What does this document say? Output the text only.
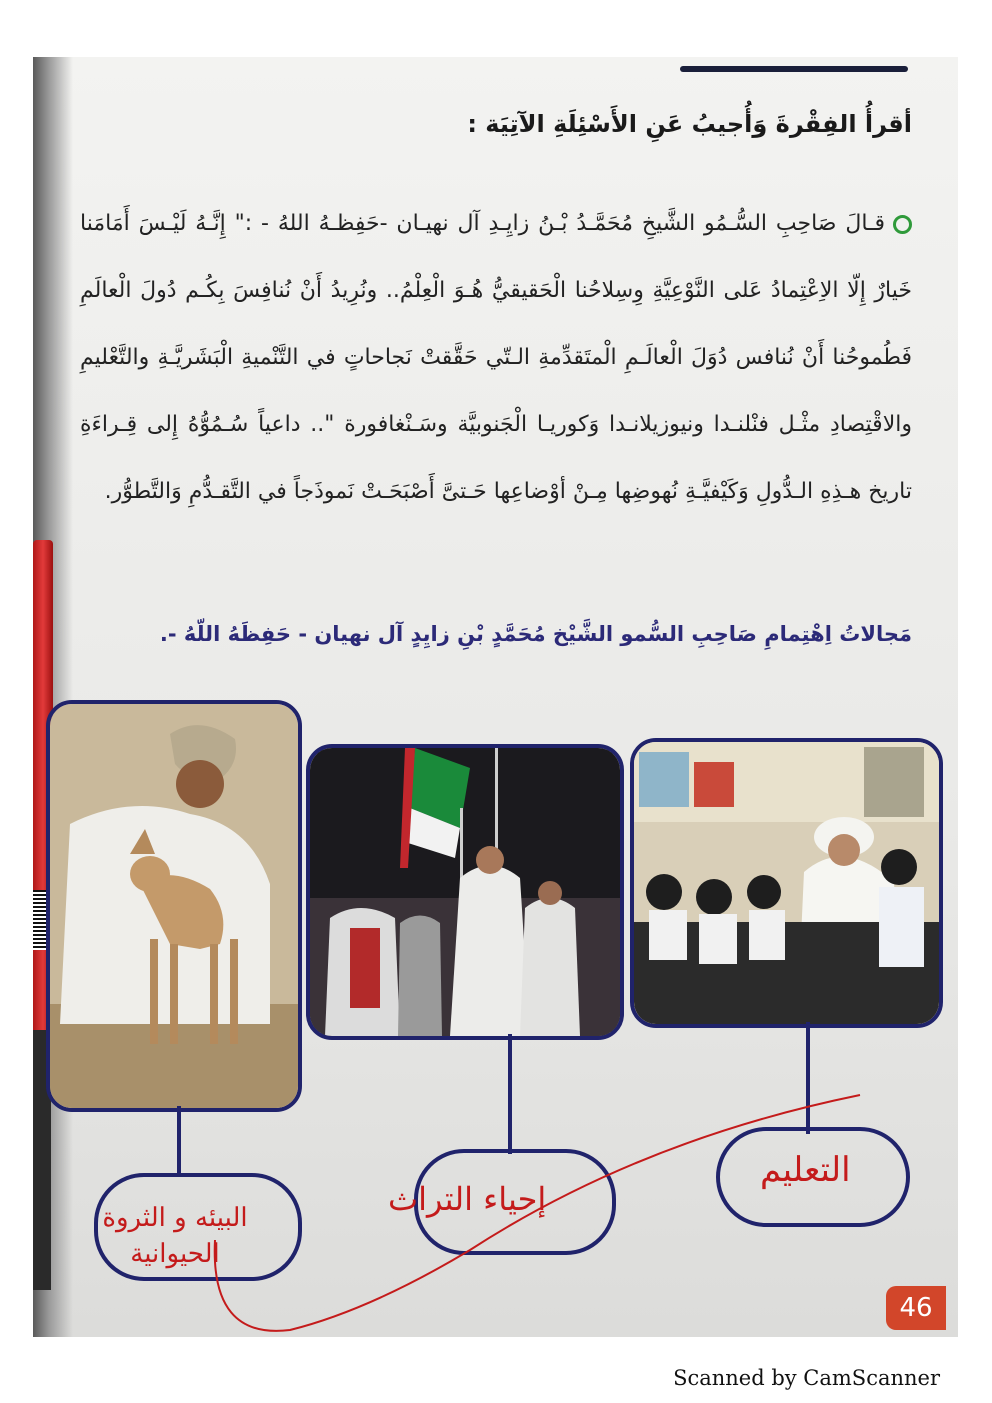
أقرأُ الفِقْرةَ وَأُجيبُ عَنِ الأَسْئِلَةِ الآتِيَة :
قـالَ صَاحِبِ السُّـمُو الشَّيخِ مُحَمَّـدُ بْـنُ زايِـدِ آل نهيـان -حَفِظـهُ اللهُ - :" إِنَّـهُ لَيْـسَ أَمَامَنا خَيارٌ إِلّا الاِعْتِمادُ عَلى النَّوْعِيَّةِ وِسِلاحُنا الْحَقيقيُّ هُـوَ الْعِلْمُ.. ونُرِيدُ أَنْ نُنافِسَ بِكُـم دُولَ الْعالَمِ فَطُموحُنا أَنْ نُنافس دُوَلَ الْعالَـمِ الْمتَقدِّمةِ الـتّي حَقَّقتْ نَجاحاتٍ في التَّنْميةِ الْبَشَريَّـةِ والتَّعْليمِ والاقْتِصادِ مثْـل فنْلنـدا ونيوزيلانـدا وَكوريـا الْجَنوبيَّة وسَـنْغافورة ".. داعياً سُـمُوُّهُ إِلى قِـراءَةِ تاريخ هـذِهِ الـدُّولِ وَكَيْفيَّـةِ نُهوضِها مِـنْ أوْضاعِها حَـتىَّ أَصْبَحَـتْ نَموذَجاً في التَّقـدُّمِ وَالتَّطوُّر.
مَجالاتُ اِهْتِمامِ صَاحِبِ السُّمو الشَّيْخ مُحَمَّدٍ بْنِ زايِدٍ آل نهيان - حَفِظَهُ اللّهُ -.
التعليم
إحياء التراث
البيئه و الثروة الحيوانية
46
Scanned by CamScanner
